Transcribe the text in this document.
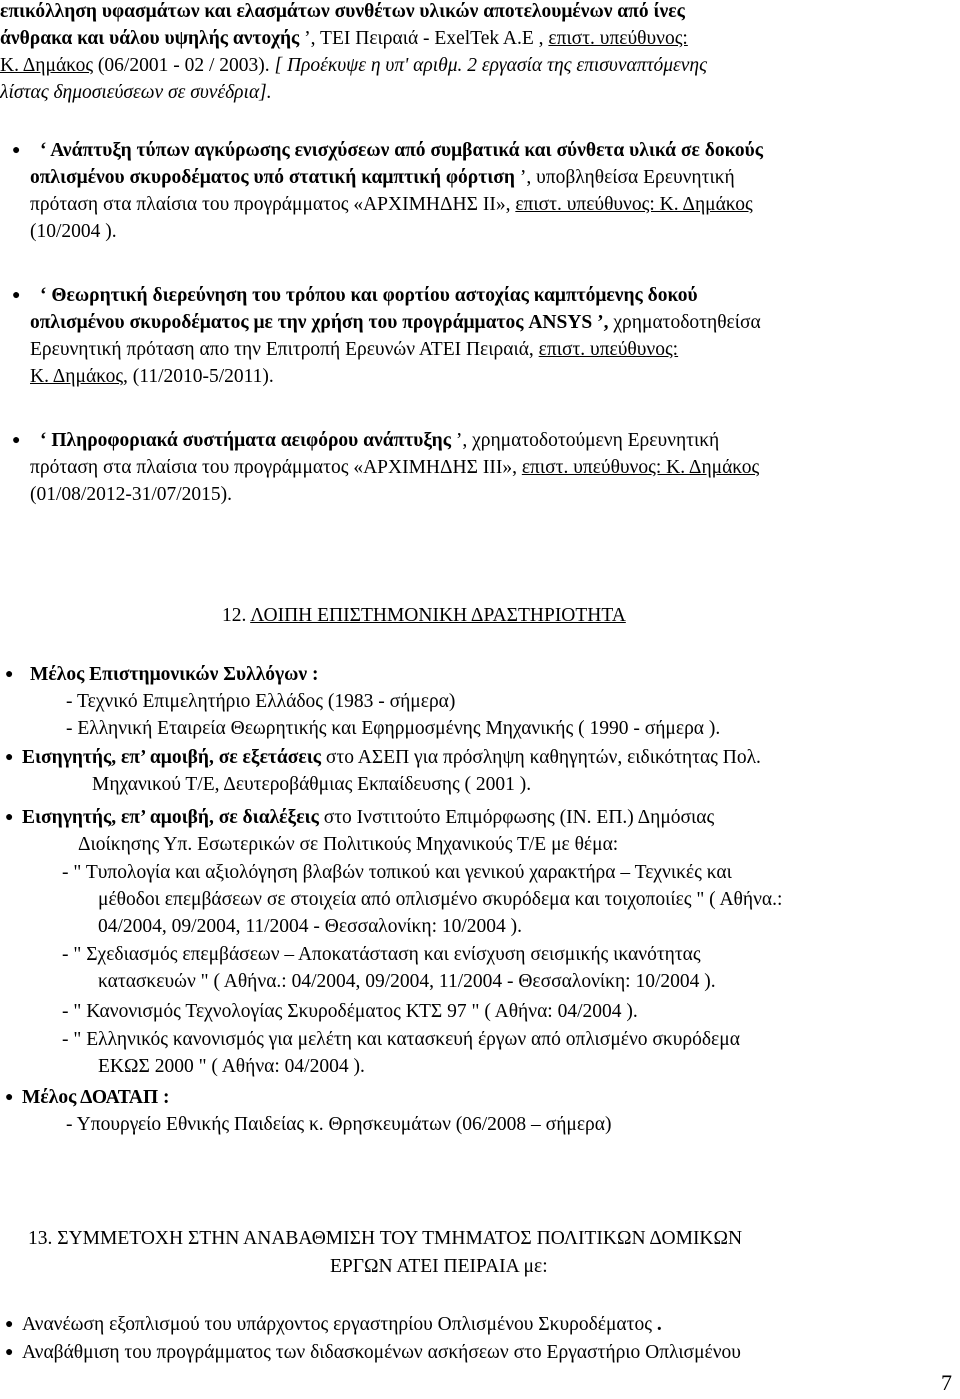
επικόλληση υφασμάτων και ελασμάτων συνθέτων υλικών αποτελουμένων από ίνες
άνθρακα και υάλου υψηλής αντοχής ’, ΤΕΙ Πειραιά - ExelTek A.E , επιστ. υπεύθυνος:
Κ. Δημάκος (06/2001 - 02 / 2003). [ Προέκυψε η υπ' αριθμ. 2 εργασία της επισυναπτόμενης
λίστας δημοσιεύσεων σε συνέδρια].
● ‘ Ανάπτυξη τύπων αγκύρωσης ενισχύσεων από συμβατικά και σύνθετα υλικά σε δοκούς
οπλισμένου σκυροδέματος υπό στατική καμπτική φόρτιση ’, υποβληθείσα Ερευνητική
πρόταση στα πλαίσια του προγράμματος «ΑΡΧΙΜΗΔΗΣ ΙΙ», επιστ. υπεύθυνος: Κ. Δημάκος
(10/2004 ).
● ‘ Θεωρητική διερεύνηση του τρόπου και φορτίου αστοχίας καμπτόμενης δοκού
οπλισμένου σκυροδέματος με την χρήση του προγράμματος ANSYS ’, χρηματοδοτηθείσα
Ερευνητική πρόταση απο την Επιτροπή Ερευνών ΑΤΕΙ Πειραιά, επιστ. υπεύθυνος:
Κ. Δημάκος, (11/2010-5/2011).
● ‘ Πληροφοριακά συστήματα αειφόρου ανάπτυξης ’, χρηματοδοτούμενη Ερευνητική
πρόταση στα πλαίσια του προγράμματος «ΑΡΧΙΜΗΔΗΣ ΙΙΙ», επιστ. υπεύθυνος: Κ. Δημάκος
(01/08/2012-31/07/2015).
12. ΛΟΙΠΗ ΕΠΙΣΤΗΜΟΝΙΚΗ ΔΡΑΣΤΗΡΙΟΤΗΤΑ
● Μέλος Επιστημονικών Συλλόγων :
- Τεχνικό Επιμελητήριο Ελλάδος (1983 - σήμερα)
- Ελληνική Εταιρεία Θεωρητικής και Εφηρμοσμένης Μηχανικής ( 1990 - σήμερα ).
● Εισηγητής, επ’ αμοιβή, σε εξετάσεις στο ΑΣΕΠ για πρόσληψη καθηγητών, ειδικότητας Πολ.
Μηχανικού Τ/Ε, Δευτεροβάθμιας Εκπαίδευσης ( 2001 ).
● Εισηγητής, επ’ αμοιβή, σε διαλέξεις στο Ινστιτούτο Επιμόρφωσης (ΙΝ. ΕΠ.) Δημόσιας
Διοίκησης Υπ. Εσωτερικών σε Πολιτικούς Μηχανικούς Τ/Ε με θέμα:
- " Τυπολογία και αξιολόγηση βλαβών τοπικού και γενικού χαρακτήρα – Τεχνικές και
μέθοδοι επεμβάσεων σε στοιχεία από οπλισμένο σκυρόδεμα και τοιχοποιίες " ( Αθήνα.:
04/2004, 09/2004, 11/2004 - Θεσσαλονίκη: 10/2004 ).
- " Σχεδιασμός επεμβάσεων – Αποκατάσταση και ενίσχυση σεισμικής ικανότητας
κατασκευών " ( Αθήνα.: 04/2004, 09/2004, 11/2004 - Θεσσαλονίκη: 10/2004 ).
- " Κανονισμός Τεχνολογίας Σκυροδέματος ΚΤΣ 97 " ( Αθήνα: 04/2004 ).
- " Ελληνικός κανονισμός για μελέτη και κατασκευή έργων από οπλισμένο σκυρόδεμα
ΕΚΩΣ 2000 " ( Αθήνα: 04/2004 ).
● Μέλος ΔΟΑΤΑΠ :
- Υπουργείο Εθνικής Παιδείας κ. Θρησκευμάτων (06/2008 – σήμερα)
13. ΣΥΜΜΕΤΟΧΗ ΣΤΗΝ ΑΝΑΒΑΘΜΙΣΗ ΤΟΥ ΤΜΗΜΑΤΟΣ ΠΟΛΙΤΙΚΩΝ ΔΟΜΙΚΩΝ
ΕΡΓΩΝ ΑΤΕΙ ΠΕΙΡΑΙΑ με:
● Ανανέωση εξοπλισμού του υπάρχοντος εργαστηρίου Οπλισμένου Σκυροδέματος .
● Αναβάθμιση του προγράμματος των διδασκομένων ασκήσεων στο Εργαστήριο Οπλισμένου
7
